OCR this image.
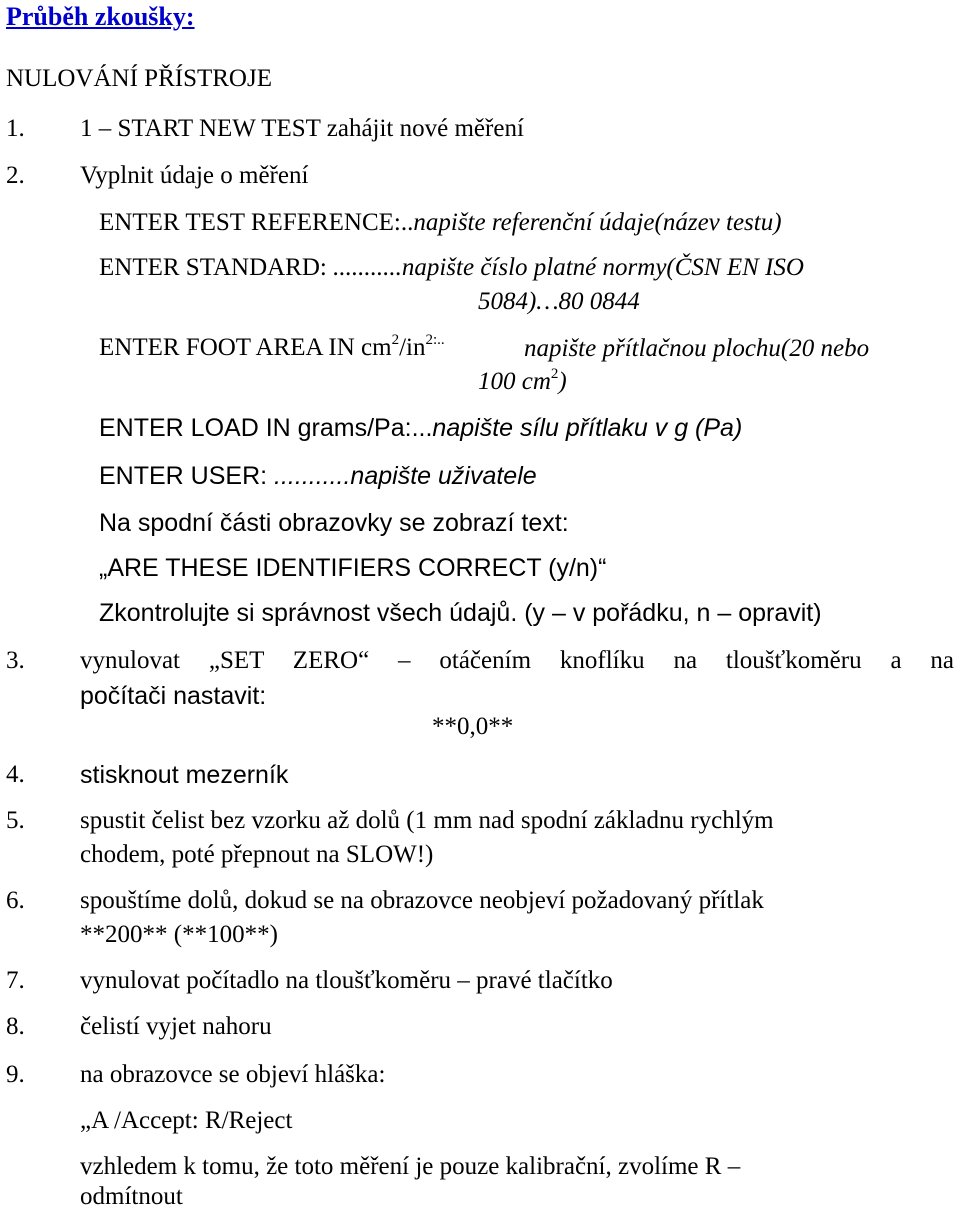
Průběh zkoušky:
NULOVÁNÍ PŘÍSTROJE
1. 1 – START NEW TEST zahájit nové měření
2. Vyplnit údaje o měření
ENTER TEST REFERENCE:..napište referenční údaje(název testu)
ENTER STANDARD: ...........napište číslo platné normy(ČSN EN ISO
5084)…80 0844
ENTER FOOT AREA IN $cm^2/in^{2:..}$	napište přítlačnou plochu(20 nebo
100 $cm^2$)
ENTER LOAD IN grams/Pa:...napište sílu přítlaku v g (Pa)
ENTER USER: ...........napište uživatele
Na spodní části obrazovky se zobrazí text:
„ARE THESE IDENTIFIERS CORRECT (y/n)“
Zkontrolujte si správnost všech údajů. (y – v pořádku, n – opravit)
3. vynulovat „SET ZERO“ – otáčením knoflíku na tloušťkoměru a na
počítači nastavit:
**0,0**
4. stisknout mezerník
5. spustit čelist bez vzorku až dolů (1 mm nad spodní základnu rychlým
chodem, poté přepnout na SLOW!)
6. spouštíme dolů, dokud se na obrazovce neobjeví požadovaný přítlak
**200** (**100**)
7. vynulovat počítadlo na tloušťkoměru – pravé tlačítko
8. čelistí vyjet nahoru
9. na obrazovce se objeví hláška:
„A /Accept: R/Reject
vzhledem k tomu, že toto měření je pouze kalibrační, zvolíme R –
odmítnout
